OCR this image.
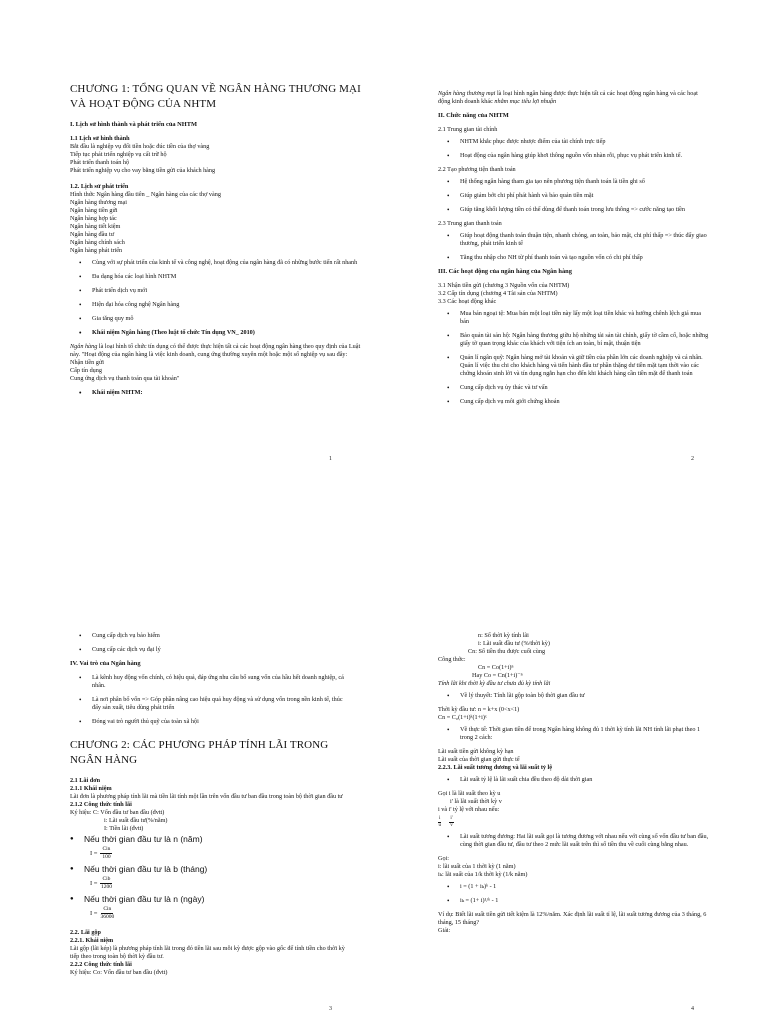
CHƯƠNG 1: TỔNG QUAN VỀ NGÂN HÀNG THƯƠNG MẠI VÀ HOẠT ĐỘNG CỦA NHTM

I. Lịch sử hình thành và phát triển của NHTM

1.1 Lịch sử hình thành

Bắt đầu là nghiệp vụ đổi tiền hoặc đúc tiền của thợ vàng

Tiếp tục phát triển nghiệp vụ cất trữ hộ

Phát triển thanh toán hộ

Phát triển nghiệp vụ cho vay bằng tiền gửi của khách hàng

1.2. Lịch sử phát triển

Hình thức Ngân hàng đầu tiên _ Ngân hàng của các thợ vàng

Ngân hàng thương mại

Ngân hàng tiền gửi

Ngân hàng hợp tác

Ngân hàng tiết kiệm

Ngân hàng đầu tư

Ngân hàng chính sách

Ngân hàng phát triển

• Cùng với sự phát triển của kinh tế và công nghệ, hoạt động của ngân hàng đã có những bước tiến rất nhanh
• Đa dạng hóa các loại hình NHTM
• Phát triển dịch vụ mới
• Hiện đại hóa công nghệ Ngân hàng
• Gia tăng quy mô
• Khái niệm Ngân hàng (Theo luật tổ chức Tín dụng VN_ 2010)

Ngân hàng là loại hình tổ chức tín dụng có thể được thực hiện tất cả các hoạt động ngân hàng theo quy định của Luật này. "Hoạt động của ngân hàng là việc kinh doanh, cung ứng thường xuyên một hoặc một số nghiệp vụ sau đây:

Nhận tiền gửi

Cấp tín dụng

Cung ứng dịch vụ thanh toán qua tài khoản"

• Khái niệm NHTM:
1

Ngân hàng thương mại là loại hình ngân hàng được thực hiện tất cả các hoạt động ngân hàng và các hoạt động kinh doanh khác nhằm mục tiêu lợi nhuận

II. Chức năng của NHTM

2.1 Trung gian tài chính

• NHTM khắc phục được nhược điểm của tài chính trực tiếp
• Hoạt động của ngân hàng giúp khơi thông nguồn vốn nhàn rỗi, phục vụ phát triển kinh tế.

2.2 Tạo phương tiện thanh toán

• Hệ thống ngân hàng tham gia tạo nên phương tiện thanh toán là tiền ghi sổ
• Giúp giảm bớt chi phí phát hành và bảo quản tiền mặt
• Giúp tăng khối lượng tiền có thể dùng để thanh toán trong lưu thông => cước năng tạo tiền

2.3 Trung gian thanh toán

• Giúp hoạt động thanh toán thuận tiện, nhanh chóng, an toàn, bảo mật, chi phí thấp => thúc đẩy giao thương, phát triển kinh tế
• Tăng thu nhập cho NH từ phí thanh toán và tạo nguồn vốn có chi phí thấp

III. Các hoạt động của ngân hàng của Ngân hàng

3.1 Nhận tiền gửi (chương 3 Nguồn vốn của NHTM)

3.2 Cấp tín dụng (chương 4 Tài sản của NHTM)

3.3 Các hoạt động khác

• Mua bán ngoại tệ: Mua bán một loại tiền này lấy một loại tiền khác và hưởng chênh lệch giá mua bán
• Bảo quản tài sản hộ: Ngân hàng thương giữu hộ những tài sản tài chính, giấy tờ cầm cố, hoặc những giấy tờ quan trọng khác của khách với tiện ích an toàn, bí mật, thuận tiện
• Quản lí ngân quỹ: Ngân hàng mở tài khoản và giữ tiền của phần lớn các doanh nghiệp và cá nhân. Quản lí việc thu chi cho khách hàng và tiến hành đầu tư phần thặng dư tiền mặt tạm thời vào các chứng khoán sinh lời và tín dụng ngắn hạn cho đến khi khách hàng cần tiền mặt để thanh toán
• Cung cấp dịch vụ ủy thác và tư vấn
• Cung cấp dịch vụ môi giới chứng khoán
2
• Cung cấp dịch vụ bảo hiểm
• Cung cấp các dịch vụ đại lý

IV. Vai trò của Ngân hàng

• Là kênh huy động vốn chính, có hiệu quả, đáp ứng nhu cầu bổ sung vốn của hầu hết doanh nghiệp, cá nhân.
• Là nơi phân bổ vốn => Góp phần nâng cao hiệu quả huy động và sử dụng vốn trong nền kinh tế, thúc đẩy sản xuất, tiêu dùng phát triển
• Đóng vai trò người thủ quỹ của toàn xã hội
CHƯƠNG 2: CÁC PHƯƠNG PHÁP TÍNH LÃI TRONG NGÂN HÀNG

2.1 Lãi đơn

2.1.1 Khái niệm

Lãi đơn là phương pháp tính lãi mà tiền lãi tính một lần trên vốn đầu tư ban đầu trong toàn bộ thời gian đầu tư

2.1.2 Công thức tính lãi

Ký hiệu: C: Vốn đầu tư ban đầu (đvtt)

i: Lãi suất đầu tư(%/năm)

I: Tiền lãi (đvtt)

● Nếu thời gian đầu tư là n (năm)
$I = \frac{\text{Cin}}{100}$
● Nếu thời gian đầu tư là b (tháng)
$I = \frac{\text{Cib}}{1200}$
● Nếu thời gian đầu tư là n (ngày)
$I = \frac{\text{Cin}}{36000}$

2.2. Lãi gộp

2.2.1. Khái niệm

Lãi gộp (lãi kép) là phương pháp tính lãi trong đó tiền lãi sau mỗi kỳ được gộp vào gốc để tính tiền cho thời kỳ tiếp theo trong toàn bộ thời kỳ đầu tư.

2.2.2 Công thức tính lãi

Ký hiệu: Co: Vốn đầu tư ban đầu (đvtt)

3

n: Số thời kỳ tính lãi

i: Lãi suất đầu tư (%/thời kỳ)

Cn: Số tiền thu được cuối cùng

Công thức:

Cn = Co(1+i)ⁿ

Hay Co = Cn(1+i)⁻ⁿ

Tính lãi khi thời kỳ đầu tư chưa đủ kỳ tính lãi

• Về lý thuyết: Tính lãi gộp toàn bộ thời gian đầu tư

Thời kỳ đầu tư: n = k+x (0<x<1)

Cn = C₀(1+i)ᵏ(1+i)ˣ

• Về thực tế: Thời gian tiền để trong Ngân hàng không đủ 1 thời kỳ tính lãi NH tính lãi phạt theo 1 trong 2 cách:

Lãi suất tiền gửi không kỳ hạn

Lãi suất của thời gian gửi thực tế

2.2.3. Lãi suất tương đương và lãi suất tỷ lệ

• Lãi suất tỷ lệ là lãi suất chia đều theo độ dài thời gian

Gọi i là lãi suất theo kỳ u

i' là lãi suất thời kỳ v

i và i' tỷ lệ với nhau nếu:

$\frac{i}{u} \frac{i'}{v}$
• Lãi suất tương đương: Hai lãi suất gọi là tương đương với nhau nếu với cùng số vốn đầu tư ban đầu, cùng thời gian đầu tư, đầu tư theo 2 mức lãi suất trên thì số tiền thu về cuối cùng bằng nhau.

Gọi:

i: lãi suất của 1 thời kỳ (1 năm)

iₖ: lãi suất của 1/k thời kỳ (1/k năm)

• i = (1 + iₖ)ᵏ - 1
• iₖ = (1+ i)¹/ᵏ - 1

Ví dụ: Biết lãi suất tiền gửi tiết kiệm là 12%/năm. Xác định lãi suất tỉ lệ, lãi suất tương đương của 3 tháng, 6 tháng, 15 tháng?

Giải:

4
